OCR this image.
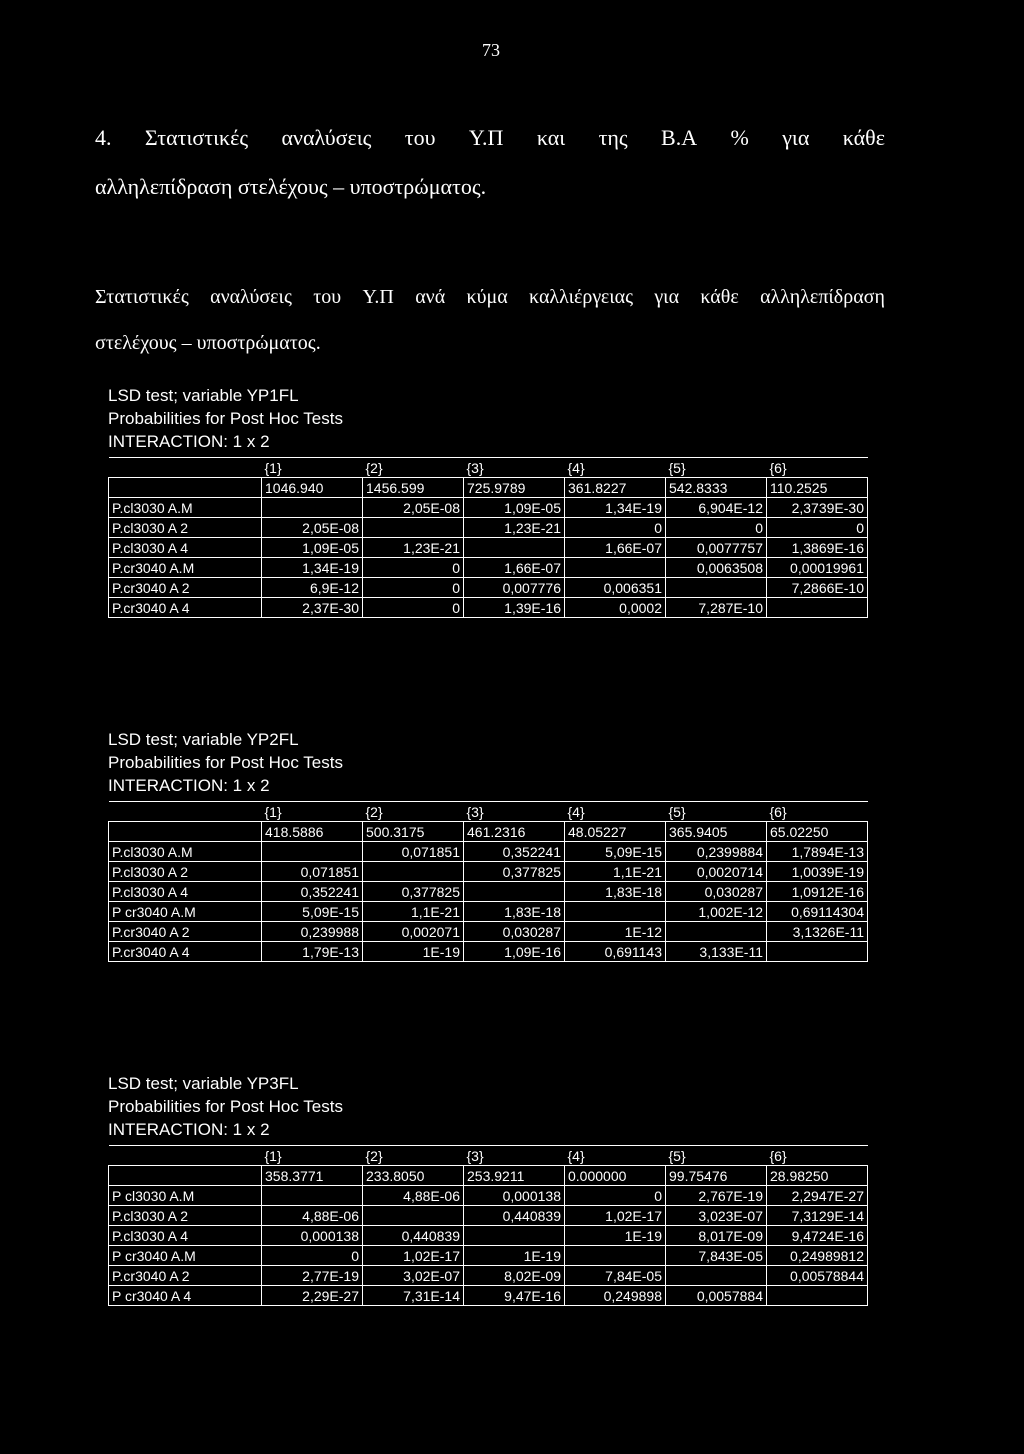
73
4. Στατιστικές αναλύσεις του Υ.Π και της Β.Α % για κάθε
αλληλεπίδραση στελέχους – υποστρώματος.
Στατιστικές αναλύσεις του Υ.Π ανά κύμα καλλιέργειας για κάθε αλληλεπίδραση
στελέχους – υποστρώματος.
LSD test; variable YP1FL
Probabilities for Post Hoc Tests
INTERACTION: 1 x 2
	{1}	{2}	{3}	{4}	{5}	{6}
	1046.940	1456.599	725.9789	361.8227	542.8333	110.2525
P.cl3030 A.M		2,05E-08	1,09E-05	1,34E-19	6,904E-12	2,3739E-30
P.cl3030 A 2	2,05E-08		1,23E-21	0	0	0
P.cl3030 A 4	1,09E-05	1,23E-21		1,66E-07	0,0077757	1,3869E-16
P.cr3040 A.M	1,34E-19	0	1,66E-07		0,0063508	0,00019961
P.cr3040 A 2	6,9E-12	0	0,007776	0,006351		7,2866E-10
P.cr3040 A 4	2,37E-30	0	1,39E-16	0,0002	7,287E-10	
LSD test; variable YP2FL
Probabilities for Post Hoc Tests
INTERACTION: 1 x 2
	{1}	{2}	{3}	{4}	{5}	{6}
	418.5886	500.3175	461.2316	48.05227	365.9405	65.02250
P.cl3030 A.M		0,071851	0,352241	5,09E-15	0,2399884	1,7894E-13
P.cl3030 A 2	0,071851		0,377825	1,1E-21	0,0020714	1,0039E-19
P.cl3030 A 4	0,352241	0,377825		1,83E-18	0,030287	1,0912E-16
P cr3040 A.M	5,09E-15	1,1E-21	1,83E-18		1,002E-12	0,69114304
P.cr3040 A 2	0,239988	0,002071	0,030287	1E-12		3,1326E-11
P.cr3040 A 4	1,79E-13	1E-19	1,09E-16	0,691143	3,133E-11	
LSD test; variable YP3FL
Probabilities for Post Hoc Tests
INTERACTION: 1 x 2
	{1}	{2}	{3}	{4}	{5}	{6}
	358.3771	233.8050	253.9211	0.000000	99.75476	28.98250
P cl3030 A.M		4,88E-06	0,000138	0	2,767E-19	2,2947E-27
P.cl3030 A 2	4,88E-06		0,440839	1,02E-17	3,023E-07	7,3129E-14
P.cl3030 A 4	0,000138	0,440839		1E-19	8,017E-09	9,4724E-16
P cr3040 A.M	0	1,02E-17	1E-19		7,843E-05	0,24989812
P.cr3040 A 2	2,77E-19	3,02E-07	8,02E-09	7,84E-05		0,00578844
P cr3040 A 4	2,29E-27	7,31E-14	9,47E-16	0,249898	0,0057884	
